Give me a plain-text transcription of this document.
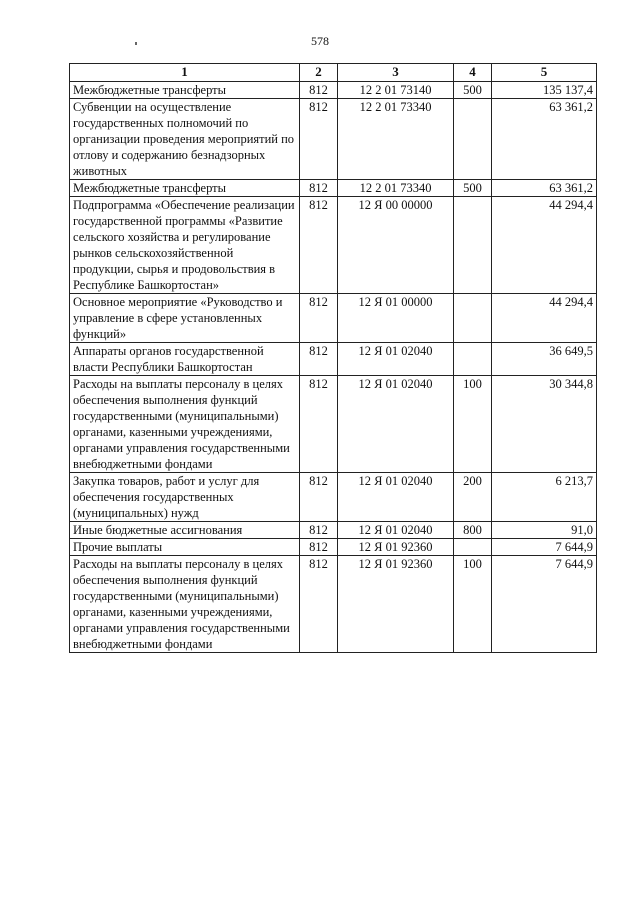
578
1	2	3	4	5
Межбюджетные трансферты	812	12 2 01 73140	500	135 137,4
Субвенции на осуществление государственных полномочий по организации проведения мероприятий по отлову и содержанию безнадзорных животных	812	12 2 01 73340		63 361,2
Межбюджетные трансферты	812	12 2 01 73340	500	63 361,2
Подпрограмма «Обеспечение реализации государственной программы «Развитие сельского хозяйства и регулирование рынков сельскохозяйственной продукции, сырья и продовольствия в Республике Башкортостан»	812	12 Я 00 00000		44 294,4
Основное мероприятие «Руководство и управление в сфере установленных функций»	812	12 Я 01 00000		44 294,4
Аппараты органов государственной власти Республики Башкортостан	812	12 Я 01 02040		36 649,5
Расходы на выплаты персоналу в целях обеспечения выполнения функций государственными (муниципальными) органами, казенными учреждениями, органами управления государственными внебюджетными фондами	812	12 Я 01 02040	100	30 344,8
Закупка товаров, работ и услуг для обеспечения государственных (муниципальных) нужд	812	12 Я 01 02040	200	6 213,7
Иные бюджетные ассигнования	812	12 Я 01 02040	800	91,0
Прочие выплаты	812	12 Я 01 92360		7 644,9
Расходы на выплаты персоналу в целях обеспечения выполнения функций государственными (муниципальными) органами, казенными учреждениями, органами управления государственными внебюджетными фондами	812	12 Я 01 92360	100	7 644,9
